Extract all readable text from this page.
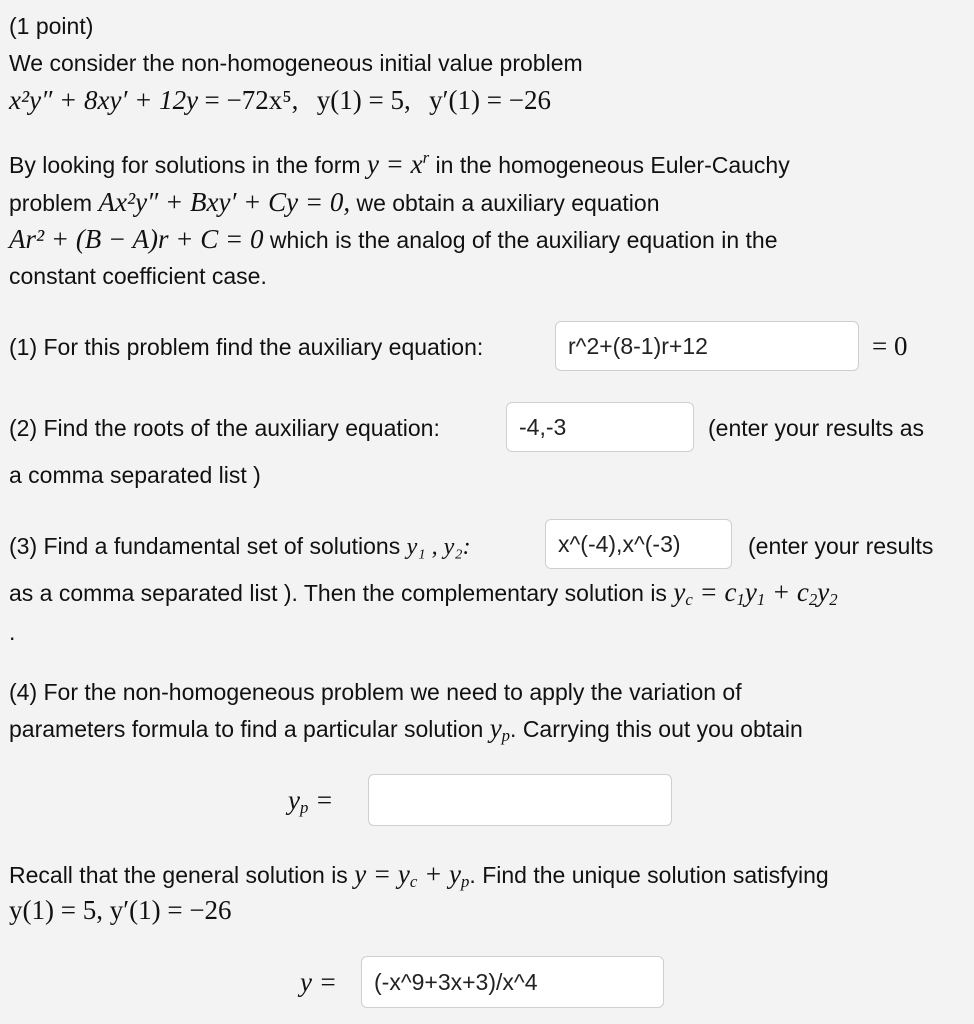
(1 point)
We consider the non-homogeneous initial value problem
x²y″ + 8xy′ + 12y = −72x⁵, y(1) = 5, y′(1) = −26
By looking for solutions in the form $y = x^r$ in the homogeneous Euler-Cauchy
problem Ax²y″ + Bxy′ + Cy = 0, we obtain a auxiliary equation
Ar² + (B − A)r + C = 0 which is the analog of the auxiliary equation in the
constant coefficient case.
(1) For this problem find the auxiliary equation:
r^2+(8-1)r+12	= 0
(2) Find the roots of the auxiliary equation:
-4,-3	(enter your results as
a comma separated list )
(3) Find a fundamental set of solutions y₁ , y₂:
x^(-4),x^(-3)	(enter your results
as a comma separated list ). Then the complementary solution is $y_c = c_1y_1 + c_2y_2$
.
(4) For the non-homogeneous problem we need to apply the variation of
parameters formula to find a particular solution $y_p$. Carrying this out you obtain
$y_p$ =
Recall that the general solution is $y = y_c + y_p$. Find the unique solution satisfying
y(1) = 5, y′(1) = −26
y =
(-x^9+3x+3)/x^4
